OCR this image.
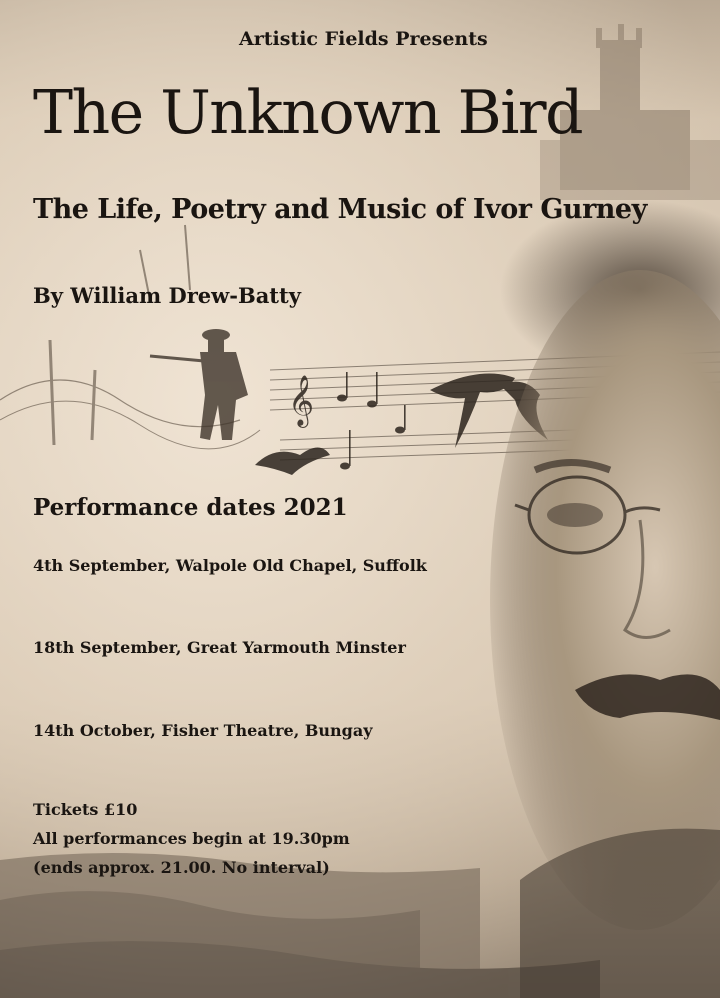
𝄞

Artistic Fields Presents

The Unknown Bird
The Life, Poetry and Music of Ivor Gurney

By William Drew-Batty

Performance dates 2021

4th September, Walpole Old Chapel, Suffolk

18th September, Great Yarmouth Minster

14th October, Fisher Theatre, Bungay

Tickets £10

All performances begin at 19.30pm

(ends approx. 21.00. No interval)
